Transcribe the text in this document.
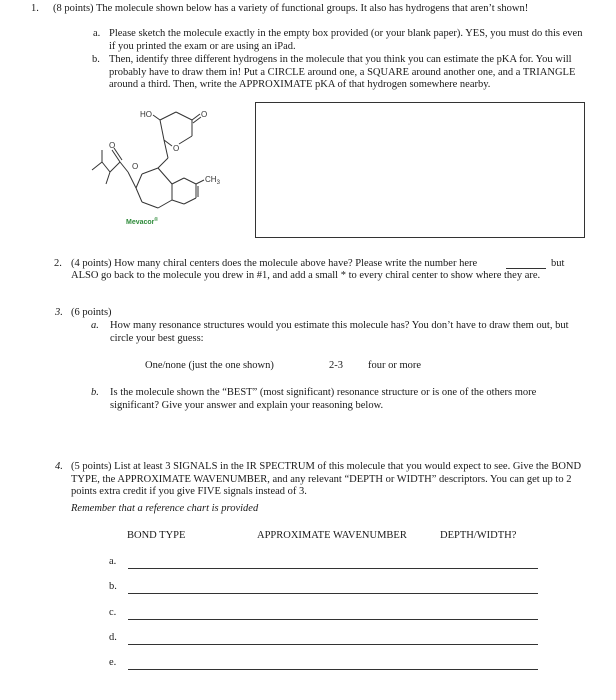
1. (8 points) The molecule shown below has a variety of functional groups. It also has hydrogens that aren’t shown!
a. Please sketch the molecule exactly in the empty box provided (or your blank paper). YES, you must do this even if you printed the exam or are using an iPad.
b. Then, identify three different hydrogens in the molecule that you think you can estimate the pKA for. You will probably have to draw them in! Put a CIRCLE around one, a SQUARE around another one, and a TRIANGLE around a third. Then, write the APPROXIMATE pKA of that hydrogen somewhere nearby.
HO
O
O
O
O
$CH_3$
Mevacor®
2. (4 points) How many chiral centers does the molecule above have? Please write the number here	but
ALSO go back to the molecule you drew in #1, and add a small * to every chiral center to show where they are.
3. (6 points)
a. How many resonance structures would you estimate this molecule has? You don’t have to draw them out, but circle your best guess:
One/none (just the one shown)	2-3 four or more
b. Is the molecule shown the “BEST” (most significant) resonance structure or is one of the others more significant? Give your answer and explain your reasoning below.
4. (5 points) List at least 3 SIGNALS in the IR SPECTRUM of this molecule that you would expect to see. Give the BOND TYPE, the APPROXIMATE WAVENUMBER, and any relevant “DEPTH or WIDTH” descriptors. You can get up to 2 points extra credit if you give FIVE signals instead of 3.
Remember that a reference chart is provided
BOND TYPE	APPROXIMATE WAVENUMBER	DEPTH/WIDTH?
a.
b.
c.
d.
e.
